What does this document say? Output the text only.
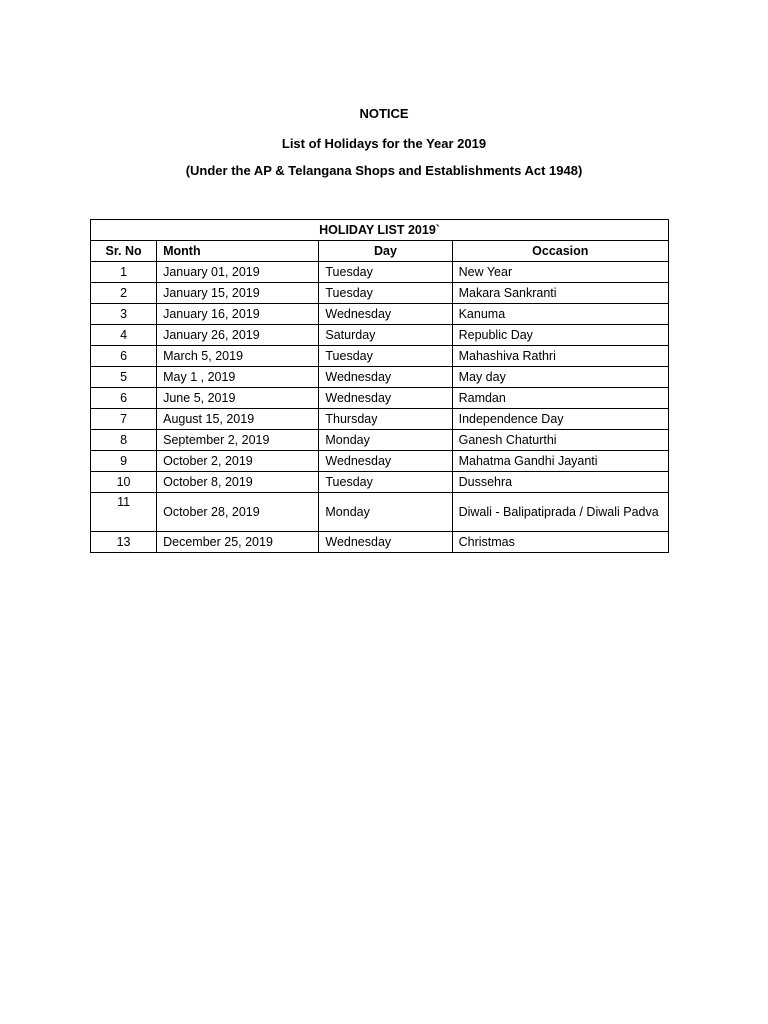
NOTICE
List of Holidays for the Year 2019
(Under the AP & Telangana Shops and Establishments Act 1948)
HOLIDAY LIST 2019`			
Sr. No	Month	Day	Occasion
1	January 01, 2019	Tuesday	New Year
2	January 15, 2019	Tuesday	Makara Sankranti
3	January 16, 2019	Wednesday	Kanuma
4	January 26, 2019	Saturday	Republic Day
6	March 5, 2019	Tuesday	Mahashiva Rathri
5	May 1 , 2019	Wednesday	May day
6	June 5, 2019	Wednesday	Ramdan
7	August 15, 2019	Thursday	Independence Day
8	September 2, 2019	Monday	Ganesh Chaturthi
9	October 2, 2019	Wednesday	Mahatma Gandhi Jayanti
10	October 8, 2019	Tuesday	Dussehra
11	October 28, 2019	Monday	Diwali - Balipatiprada / Diwali Padva
13	December 25, 2019	Wednesday	Christmas
